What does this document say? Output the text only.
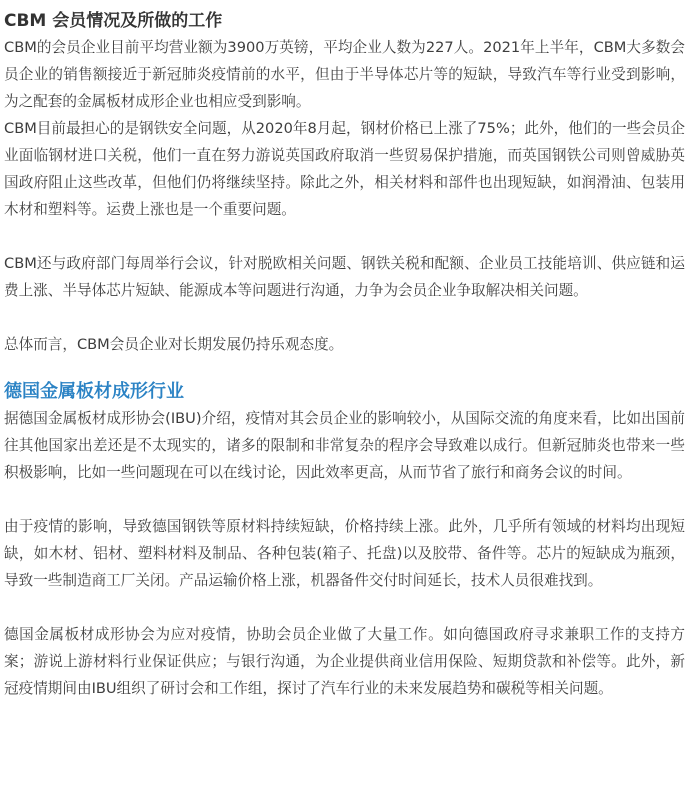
CBM 会员情况及所做的工作

CBM的会员企业目前平均营业额为3900万英镑，平均企业人数为227人。2021年上半年，CBM大多数会员企业的销售额接近于新冠肺炎疫情前的水平，但由于半导体芯片等的短缺，导致汽车等行业受到影响，为之配套的金属板材成形企业也相应受到影响。

CBM目前最担心的是钢铁安全问题，从2020年8月起，钢材价格已上涨了75%；此外，他们的一些会员企业面临钢材进口关税，他们一直在努力游说英国政府取消一些贸易保护措施，而英国钢铁公司则曾威胁英国政府阻止这些改革，但他们仍将继续坚持。除此之外，相关材料和部件也出现短缺，如润滑油、包装用木材和塑料等。运费上涨也是一个重要问题。

CBM还与政府部门每周举行会议，针对脱欧相关问题、钢铁关税和配额、企业员工技能培训、供应链和运费上涨、半导体芯片短缺、能源成本等问题进行沟通，力争为会员企业争取解决相关问题。

总体而言，CBM会员企业对长期发展仍持乐观态度。

德国金属板材成形行业

据德国金属板材成形协会(IBU)介绍，疫情对其会员企业的影响较小，从国际交流的角度来看，比如出国前往其他国家出差还是不太现实的，诸多的限制和非常复杂的程序会导致难以成行。但新冠肺炎也带来一些积极影响，比如一些问题现在可以在线讨论，因此效率更高，从而节省了旅行和商务会议的时间。

由于疫情的影响，导致德国钢铁等原材料持续短缺，价格持续上涨。此外，几乎所有领域的材料均出现短缺，如木材、铝材、塑料材料及制品、各种包装(箱子、托盘)以及胶带、备件等。芯片的短缺成为瓶颈，导致一些制造商工厂关闭。产品运输价格上涨，机器备件交付时间延长，技术人员很难找到。

德国金属板材成形协会为应对疫情，协助会员企业做了大量工作。如向德国政府寻求兼职工作的支持方案；游说上游材料行业保证供应；与银行沟通，为企业提供商业信用保险、短期贷款和补偿等。此外，新冠疫情期间由IBU组织了研讨会和工作组，探讨了汽车行业的未来发展趋势和碳税等相关问题。
